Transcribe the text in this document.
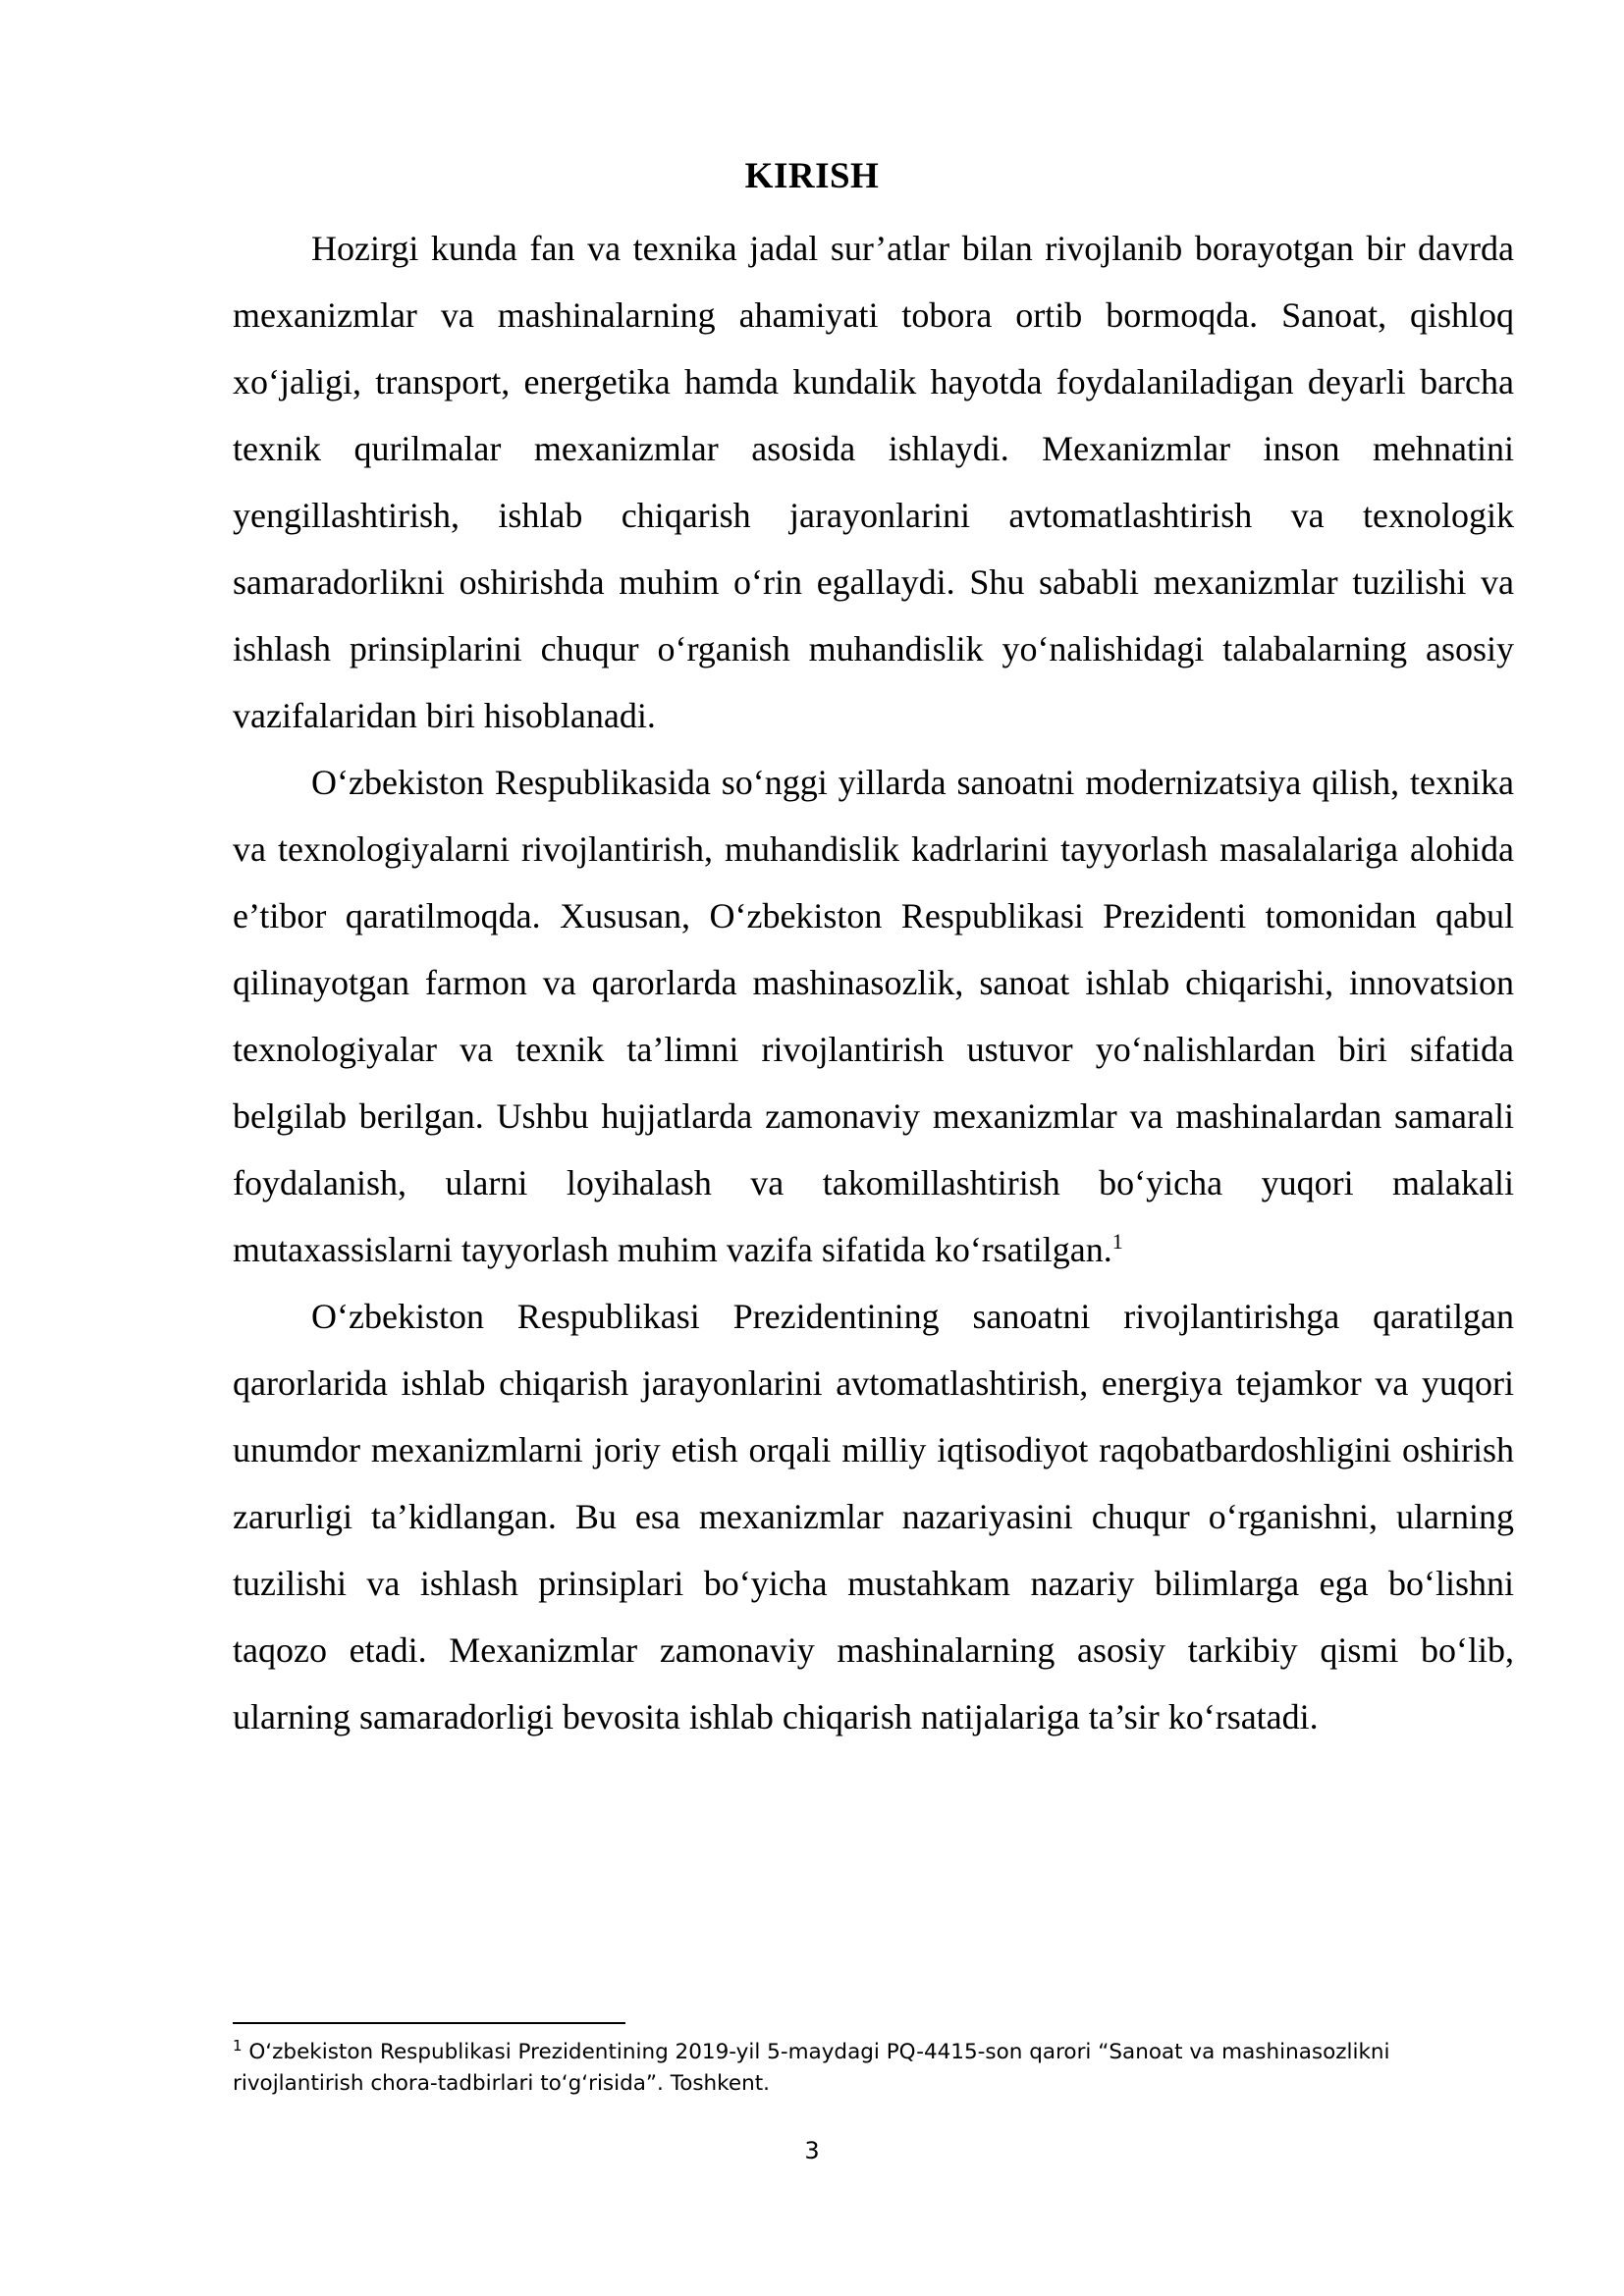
KIRISH

Hozirgi kunda fan va texnika jadal sur’atlar bilan rivojlanib borayotgan bir davrda mexanizmlar va mashinalarning ahamiyati tobora ortib bormoqda. Sanoat, qishloq xo‘jaligi, transport, energetika hamda kundalik hayotda foydalaniladigan deyarli barcha texnik qurilmalar mexanizmlar asosida ishlaydi. Mexanizmlar inson mehnatini yengillashtirish, ishlab chiqarish jarayonlarini avtomatlashtirish va texnologik samaradorlikni oshirishda muhim o‘rin egallaydi. Shu sababli mexanizmlar tuzilishi va ishlash prinsiplarini chuqur o‘rganish muhandislik yo‘nalishidagi talabalarning asosiy vazifalaridan biri hisoblanadi.

O‘zbekiston Respublikasida so‘nggi yillarda sanoatni modernizatsiya qilish, texnika va texnologiyalarni rivojlantirish, muhandislik kadrlarini tayyorlash masalalariga alohida e’tibor qaratilmoqda. Xususan, O‘zbekiston Respublikasi Prezidenti tomonidan qabul qilinayotgan farmon va qarorlarda mashinasozlik, sanoat ishlab chiqarishi, innovatsion texnologiyalar va texnik ta’limni rivojlantirish ustuvor yo‘nalishlardan biri sifatida belgilab berilgan. Ushbu hujjatlarda zamonaviy mexanizmlar va mashinalardan samarali foydalanish, ularni loyihalash va takomillashtirish bo‘yicha yuqori malakali mutaxassislarni tayyorlash muhim vazifa sifatida ko‘rsatilgan.$^1$

O‘zbekiston Respublikasi Prezidentining sanoatni rivojlantirishga qaratilgan qarorlarida ishlab chiqarish jarayonlarini avtomatlashtirish, energiya tejamkor va yuqori unumdor mexanizmlarni joriy etish orqali milliy iqtisodiyot raqobatbardoshligini oshirish zarurligi ta’kidlangan. Bu esa mexanizmlar nazariyasini chuqur o‘rganishni, ularning tuzilishi va ishlash prinsiplari bo‘yicha mustahkam nazariy bilimlarga ega bo‘lishni taqozo etadi. Mexanizmlar zamonaviy mashinalarning asosiy tarkibiy qismi bo‘lib, ularning samaradorligi bevosita ishlab chiqarish natijalariga ta’sir ko‘rsatadi.

$^1$ O‘zbekiston Respublikasi Prezidentining 2019-yil 5-maydagi PQ-4415-son qarori “Sanoat va mashinasozlikni rivojlantirish chora-tadbirlari to‘g‘risida”. Toshkent.

3
